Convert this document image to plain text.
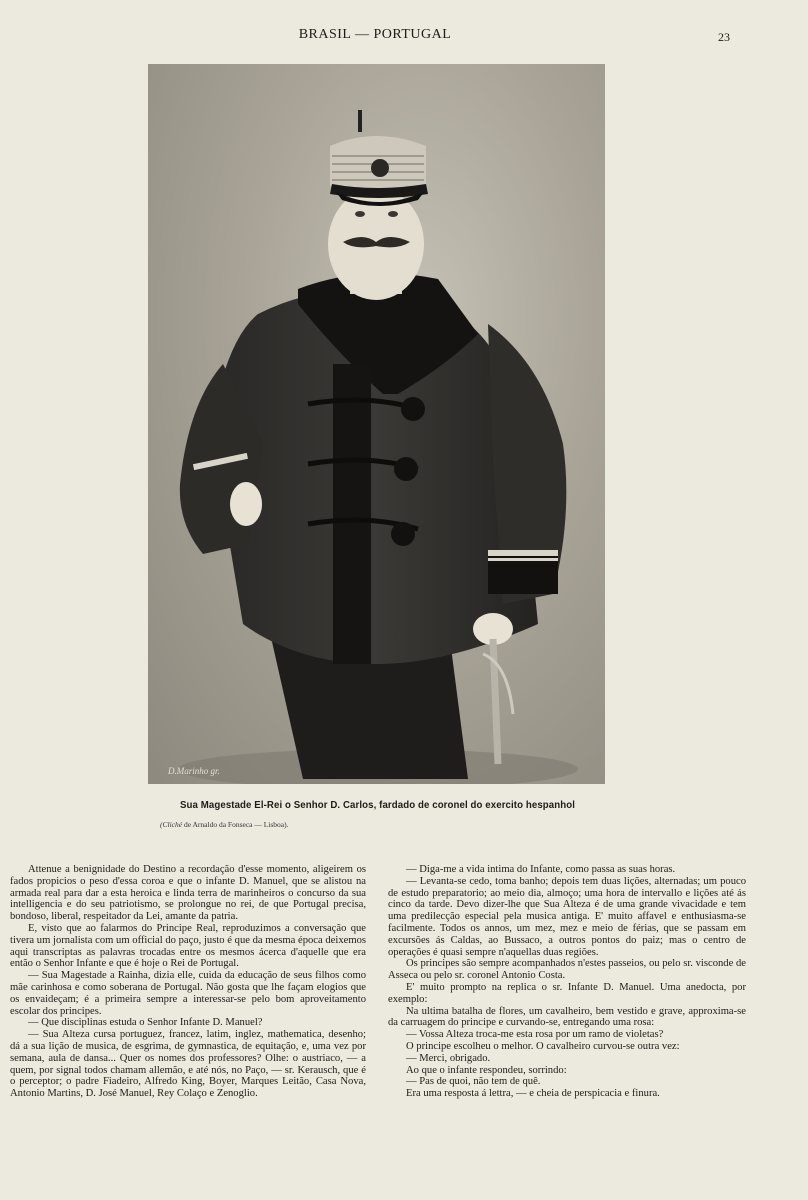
BRASIL — PORTUGAL	23
D.Marinho gr.
Sua Magestade El-Rei o Senhor D. Carlos, fardado de coronel do exercito hespanhol
(Cliché de Arnaldo da Fonseca — Lisboa).

Attenue a benignidade do Destino a recordação d'esse momento, aligeirem os fados propicios o peso d'essa coroa e que o infante D. Manuel, que se alistou na armada real para dar a esta heroica e linda terra de marinheiros o concurso da sua intelligencia e do seu patriotismo, se prolongue no rei, de que Portugal precisa, bondoso, liberal, respeitador da Lei, amante da patria.

E, visto que ao falarmos do Principe Real, reproduzimos a conversação que tivera um jornalista com um official do paço, justo é que da mesma época deixemos aqui transcriptas as palavras trocadas entre os mesmos ácerca d'aquelle que era então o Senhor Infante e que é hoje o Rei de Portugal.

— Sua Magestade a Rainha, dizia elle, cuida da educação de seus filhos como mãe carinhosa e como soberana de Portugal. Não gosta que lhe façam elogios que os envaideçam; é a primeira sempre a interessar-se pelo bom aproveitamento escolar dos principes.

— Que disciplinas estuda o Senhor Infante D. Manuel?

— Sua Alteza cursa portuguez, francez, latim, inglez, mathematica, desenho; dá a sua lição de musica, de esgrima, de gymnastica, de equitação, e, uma vez por semana, aula de dansa... Quer os nomes dos professores? Olhe: o austriaco, — a quem, por signal todos chamam allemão, e até nós, no Paço, — sr. Kerausch, que é o perceptor; o padre Fiadeiro, Alfredo King, Boyer, Marques Leitão, Casa Nova, Antonio Martins, D. José Manuel, Rey Colaço e Zenoglio.

— Diga-me a vida intima do Infante, como passa as suas horas.

— Levanta-se cedo, toma banho; depois tem duas lições, alternadas; um pouco de estudo preparatorio; ao meio dia, almoço; uma hora de intervallo e lições até ás cinco da tarde. Devo dizer-lhe que Sua Alteza é de uma grande vivacidade e tem uma predilecção especial pela musica antiga. E' muito affavel e enthusiasma-se facilmente. Todos os annos, um mez, mez e meio de férias, que se passam em excursões ás Caldas, ao Bussaco, a outros pontos do paiz; mas o centro de operações é quasi sempre n'aquellas duas regiões.

Os principes são sempre acompanhados n'estes passeios, ou pelo sr. visconde de Asseca ou pelo sr. coronel Antonio Costa.

E' muito prompto na replica o sr. Infante D. Manuel. Uma anedocta, por exemplo:

Na ultima batalha de flores, um cavalheiro, bem vestido e grave, approxima-se da carruagem do principe e curvando-se, entregando uma rosa:

— Vossa Alteza troca-me esta rosa por um ramo de violetas?

O principe escolheu o melhor. O cavalheiro curvou-se outra vez:

— Merci, obrigado.

Ao que o infante respondeu, sorrindo:

— Pas de quoi, não tem de quê.

Era uma resposta á lettra, — e cheia de perspicacia e finura.
